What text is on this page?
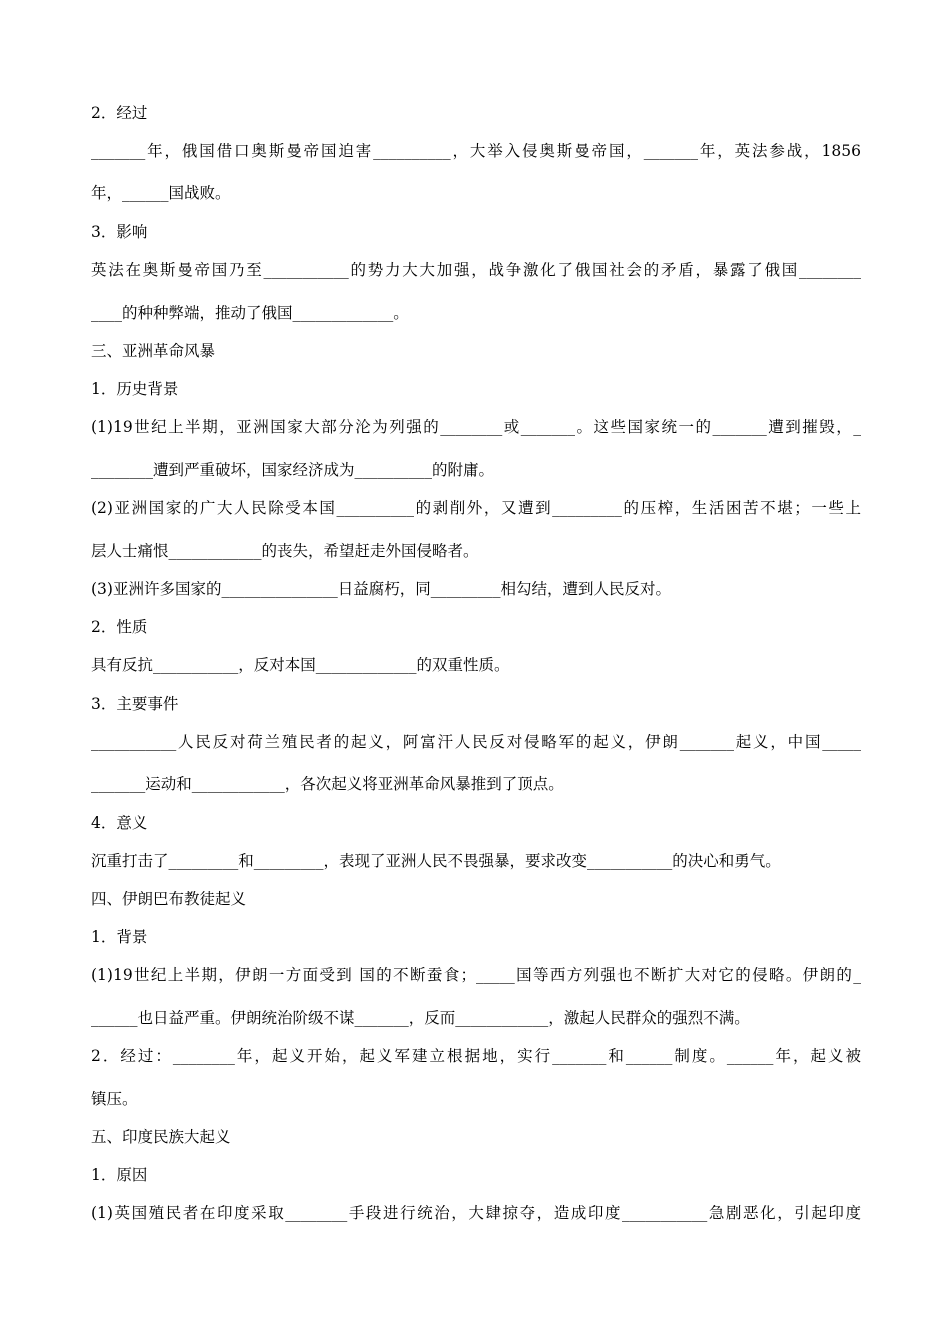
2．经过
_______年，俄国借口奥斯曼帝国迫害__________，大举入侵奥斯曼帝国，_______年，英法参战，1856
年，______国战败。
3．影响
英法在奥斯曼帝国乃至___________的势力大大加强，战争激化了俄国社会的矛盾，暴露了俄国________
____的种种弊端，推动了俄国_____________。
三、亚洲革命风暴
1．历史背景
(1)19世纪上半期，亚洲国家大部分沦为列强的________或_______。这些国家统一的_______遭到摧毁，_
________遭到严重破坏，国家经济成为__________的附庸。
(2)亚洲国家的广大人民除受本国__________的剥削外，又遭到_________的压榨，生活困苦不堪；一些上
层人士痛恨____________的丧失，希望赶走外国侵略者。
(3)亚洲许多国家的_______________日益腐朽，同_________相勾结，遭到人民反对。
2．性质
具有反抗___________，反对本国_____________的双重性质。
3．主要事件
___________人民反对荷兰殖民者的起义，阿富汗人民反对侵略军的起义，伊朗_______起义，中国_____
_______运动和____________，各次起义将亚洲革命风暴推到了顶点。
4．意义
沉重打击了_________和_________，表现了亚洲人民不畏强暴，要求改变___________的决心和勇气。
四、伊朗巴布教徒起义
1．背景
(1)19世纪上半期，伊朗一方面受到 国的不断蚕食；_____国等西方列强也不断扩大对它的侵略。伊朗的_
______也日益严重。伊朗统治阶级不谋_______，反而____________，激起人民群众的强烈不满。
2．经过：________年，起义开始，起义军建立根据地，实行_______和______制度。______年，起义被
镇压。
五、印度民族大起义
1．原因
(1)英国殖民者在印度采取________手段进行统治，大肆掠夺，造成印度___________急剧恶化，引起印度
